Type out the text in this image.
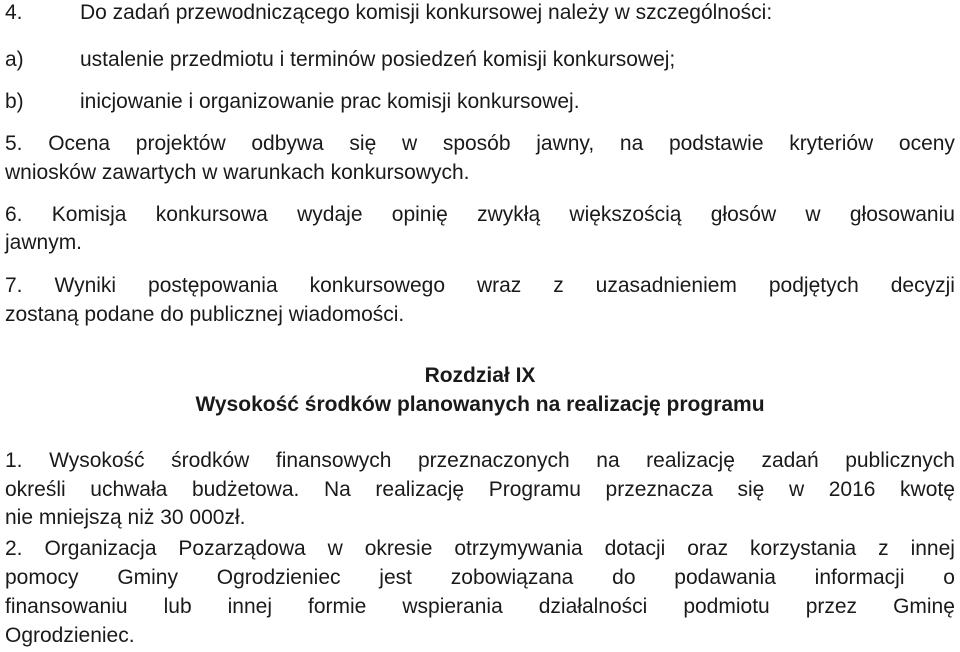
4.	Do zadań przewodniczącego komisji konkursowej należy w szczególności:
a)	ustalenie przedmiotu i terminów posiedzeń komisji konkursowej;
b)	inicjowanie i organizowanie prac komisji konkursowej.
5. Ocena projektów odbywa się w sposób jawny, na podstawie kryteriów oceny
wniosków zawartych w warunkach konkursowych.
6. Komisja konkursowa wydaje opinię zwykłą większością głosów w głosowaniu
jawnym.
7. Wyniki postępowania konkursowego wraz z uzasadnieniem podjętych decyzji
zostaną podane do publicznej wiadomości.
Rozdział IX
Wysokość środków planowanych na realizację programu
1. Wysokość środków finansowych przeznaczonych na realizację zadań publicznych
określi uchwała budżetowa. Na realizację Programu przeznacza się w 2016 kwotę
nie mniejszą niż 30 000zł.
2. Organizacja Pozarządowa w okresie otrzymywania dotacji oraz korzystania z innej
pomocy Gminy Ogrodzieniec jest zobowiązana do podawania informacji o
finansowaniu lub innej formie wspierania działalności podmiotu przez Gminę
Ogrodzieniec.
